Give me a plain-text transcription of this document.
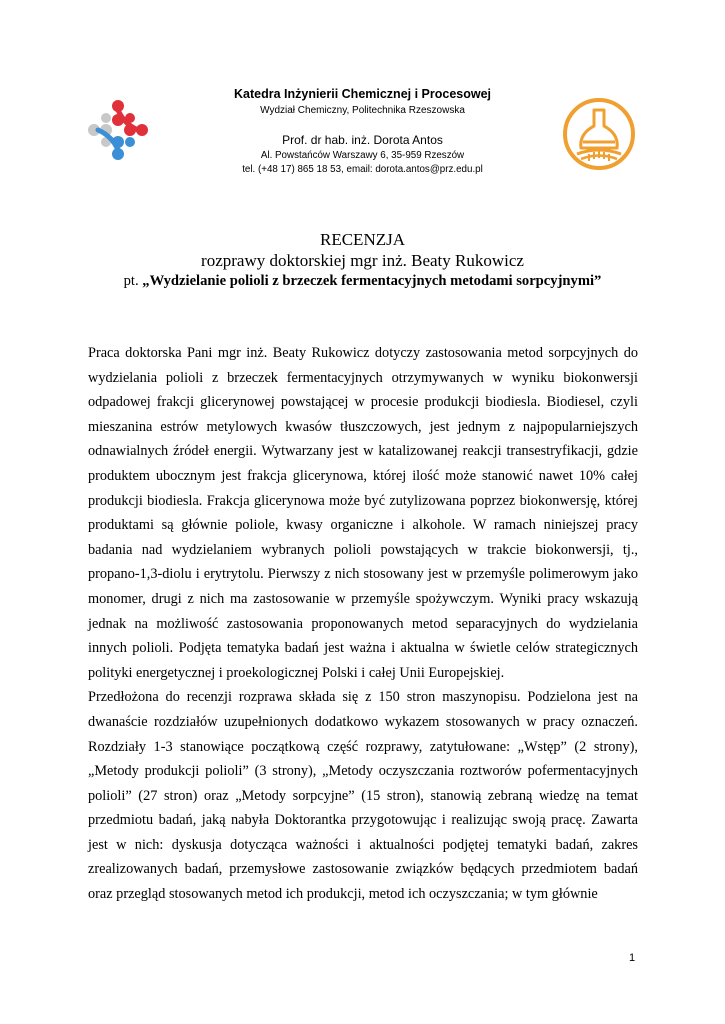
Katedra Inżynierii Chemicznej i Procesowej
Wydział Chemiczny, Politechnika Rzeszowska
Prof. dr hab. inż. Dorota Antos
Al. Powstańców Warszawy 6, 35-959 Rzeszów
tel. (+48 17) 865 18 53, email: dorota.antos@prz.edu.pl
RECENZJA
rozprawy doktorskiej mgr inż. Beaty Rukowicz
pt. „Wydzielanie polioli z brzeczek fermentacyjnych metodami sorpcyjnymi”

Praca doktorska Pani mgr inż. Beaty Rukowicz dotyczy zastosowania metod sorpcyjnych do wydzielania polioli z brzeczek fermentacyjnych otrzymywanych w wyniku biokonwersji odpadowej frakcji glicerynowej powstającej w procesie produkcji biodiesla. Biodiesel, czyli mieszanina estrów metylowych kwasów tłuszczowych, jest jednym z najpopularniejszych odnawialnych źródeł energii. Wytwarzany jest w katalizowanej reakcji transestryfikacji, gdzie produktem ubocznym jest frakcja glicerynowa, której ilość może stanowić nawet 10% całej produkcji biodiesla. Frakcja glicerynowa może być zutylizowana poprzez biokonwersję, której produktami są głównie poliole, kwasy organiczne i alkohole. W ramach niniejszej pracy badania nad wydzielaniem wybranych polioli powstających w trakcie biokonwersji, tj., propano-1,3-diolu i erytrytolu. Pierwszy z nich stosowany jest w przemyśle polimerowym jako monomer, drugi z nich ma zastosowanie w przemyśle spożywczym. Wyniki pracy wskazują jednak na możliwość zastosowania proponowanych metod separacyjnych do wydzielania innych polioli. Podjęta tematyka badań jest ważna i aktualna w świetle celów strategicznych polityki energetycznej i proekologicznej Polski i całej Unii Europejskiej.

Przedłożona do recenzji rozprawa składa się z 150 stron maszynopisu. Podzielona jest na dwanaście rozdziałów uzupełnionych dodatkowo wykazem stosowanych w pracy oznaczeń. Rozdziały 1-3 stanowiące początkową część rozprawy, zatytułowane: „Wstęp” (2 strony), „Metody produkcji polioli” (3 strony), „Metody oczyszczania roztworów pofermentacyjnych polioli” (27 stron) oraz „Metody sorpcyjne” (15 stron), stanowią zebraną wiedzę na temat przedmiotu badań, jaką nabyła Doktorantka przygotowując i realizując swoją pracę. Zawarta jest w nich: dyskusja dotycząca ważności i aktualności podjętej tematyki badań, zakres zrealizowanych badań, przemysłowe zastosowanie związków będących przedmiotem badań oraz przegląd stosowanych metod ich produkcji, metod ich oczyszczania; w tym głównie

1
